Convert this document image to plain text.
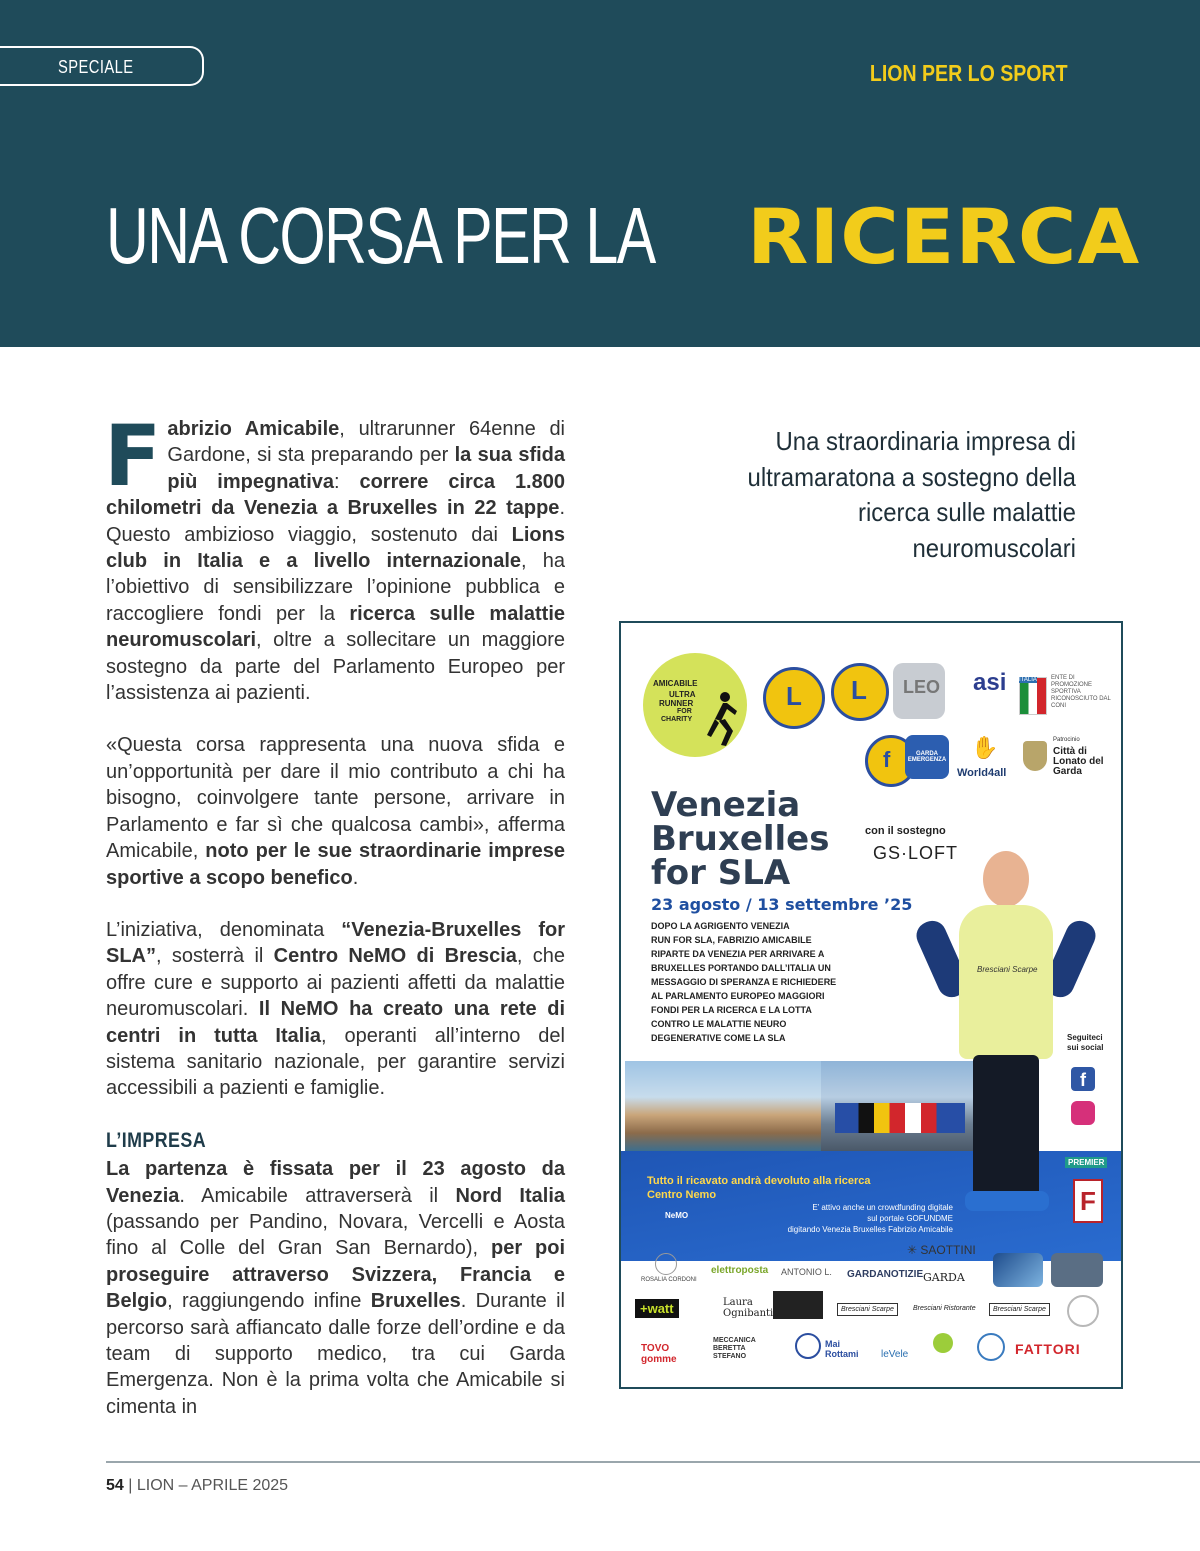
SPECIALE	LION PER LO SPORT
UNA CORSA PER LA RICERCA

Fabrizio Amicabile, ultrarunner 64enne di Gardone, si sta preparando per la sua sfida più impegnativa: correre circa 1.800 chilometri da Venezia a Bruxelles in 22 tappe. Questo ambizioso viaggio, sostenuto dai Lions club in Italia e a livello internazionale, ha l’obiettivo di sensibilizzare l’opinione pubblica e raccogliere fondi per la ricerca sulle malattie neuromuscolari, oltre a sollecitare un maggiore sostegno da parte del Parlamento Europeo per l’assistenza ai pazienti.

«Questa corsa rappresenta una nuova sfida e un’opportunità per dare il mio contributo a chi ha bisogno, coinvolgere tante persone, arrivare in Parlamento e far sì che qualcosa cambi», afferma Amicabile, noto per le sue straordinarie imprese sportive a scopo benefico.

L’iniziativa, denominata “Venezia-Bruxelles for SLA”, sosterrà il Centro NeMO di Brescia, che offre cure e supporto ai pazienti affetti da malattie neuromuscolari. Il NeMO ha creato una rete di centri in tutta Italia, operanti all’interno del sistema sanitario nazionale, per garantire servizi accessibili a pazienti e famiglie.

L’IMPRESA

La partenza è fissata per il 23 agosto da Venezia. Amicabile attraverserà il Nord Italia (passando per Pandino, Novara, Vercelli e Aosta fino al Colle del Gran San Bernardo), per poi proseguire attraverso Svizzera, Francia e Belgio, raggiungendo infine Bruxelles. Durante il percorso sarà affiancato dalle forze dell’ordine e da team di supporto medico, tra cui Garda Emergenza. Non è la prima volta che Amicabile si cimenta in

Una straordinaria impresa di ultramaratona a sostegno della ricerca sulle malattie neuromuscolari
AMICABILE
ULTRA
RUNNER
FOR
CHARITY
L L LEO asi ITALIA ENTE DI PROMOZIONE SPORTIVA RICONOSCIUTO DAL CONI
f	GARDA EMERGENZA ✋
World4all
Patrocinio
Città di Lonato del Garda
Venezia
Bruxelles
for SLA
con il sostegno
GS·LOFT
23 agosto / 13 settembre ’25
DOPO LA AGRIGENTO VENEZIA
RUN FOR SLA, FABRIZIO AMICABILE
RIPARTE DA VENEZIA PER ARRIVARE A
BRUXELLES PORTANDO DALL’ITALIA UN
MESSAGGIO DI SPERANZA E RICHIEDERE
AL PARLAMENTO EUROPEO MAGGIORI
FONDI PER LA RICERCA E LA LOTTA
CONTRO LE MALATTIE NEURO
DEGENERATIVE COME LA SLA
Tutto il ricavato andrà devoluto alla ricerca
Centro Nemo
NeMO
E’ attivo anche un crowdfunding digitale
sul portale GOFUNDME
digitando Venezia Bruxelles Fabrizio Amicabile
Bresciani Scarpe
Seguiteci sui social
f
PREMIER
F
✳ SAOTTINI
ROSALIA CORDONI
elettroposta ANTONIO L. GARDANOTIZIE GARDA
+watt	Laura Ognibanti	Bresciani Scarpe	Bresciani Ristorante	Bresciani Scarpe
TOVO gomme
MECCANICA BERETTA STEFANO
Mai Rottami	leVele	FATTORI
54 | LION – APRILE 2025
